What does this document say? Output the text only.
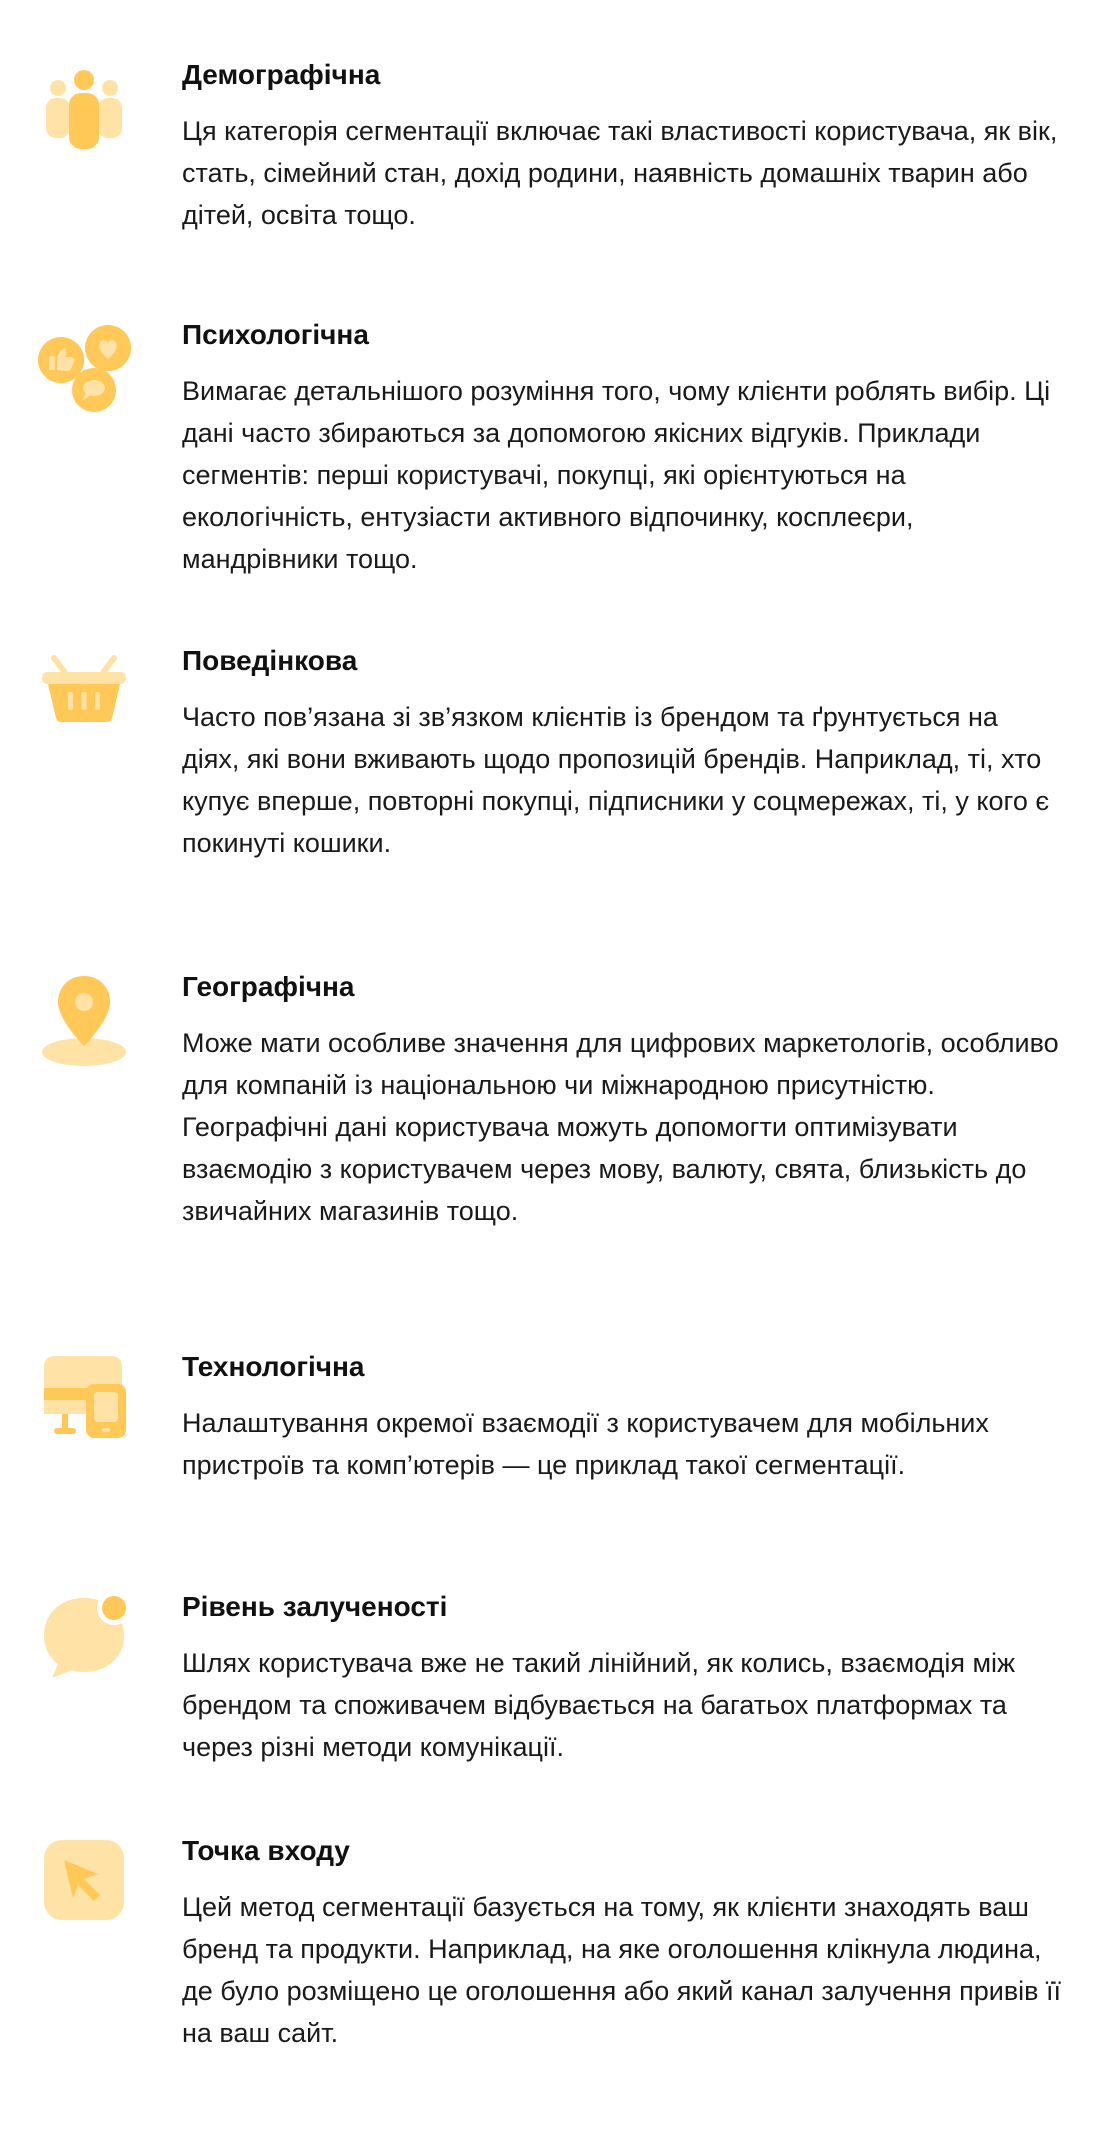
Демографічна

Ця категорія сегментації включає такі властивості користувача, як вік, стать, сімейний стан, дохід родини, наявність домашніх тварин або дітей, освіта тощо.

Психологічна

Вимагає детальнішого розуміння того, чому клієнти роблять вибір. Ці дані часто збираються за допомогою якісних відгуків. Приклади сегментів: перші користувачі, покупці, які орієнтуються на екологічність, ентузіасти активного відпочинку, косплеєри, мандрівники тощо.

Поведінкова

Часто пов’язана зі зв’язком клієнтів із брендом та ґрунтується на діях, які вони вживають щодо пропозицій брендів. Наприклад, ті, хто купує вперше, повторні покупці, підписники у соцмережах, ті, у кого є покинуті кошики.

Географічна

Може мати особливе значення для цифрових маркетологів, особливо для компаній із національною чи міжнародною присутністю. Географічні дані користувача можуть допомогти оптимізувати взаємодію з користувачем через мову, валюту, свята, близькість до звичайних магазинів тощо.

Технологічна

Налаштування окремої взаємодії з користувачем для мобільних пристроїв та комп’ютерів — це приклад такої сегментації.

Рівень залученості

Шлях користувача вже не такий лінійний, як колись, взаємодія між брендом та споживачем відбувається на багатьох платформах та через різні методи комунікації.

Точка входу

Цей метод сегментації базується на тому, як клієнти знаходять ваш бренд та продукти. Наприклад, на яке оголошення клікнула людина, де було розміщено це оголошення або який канал залучення привів її на ваш сайт.
